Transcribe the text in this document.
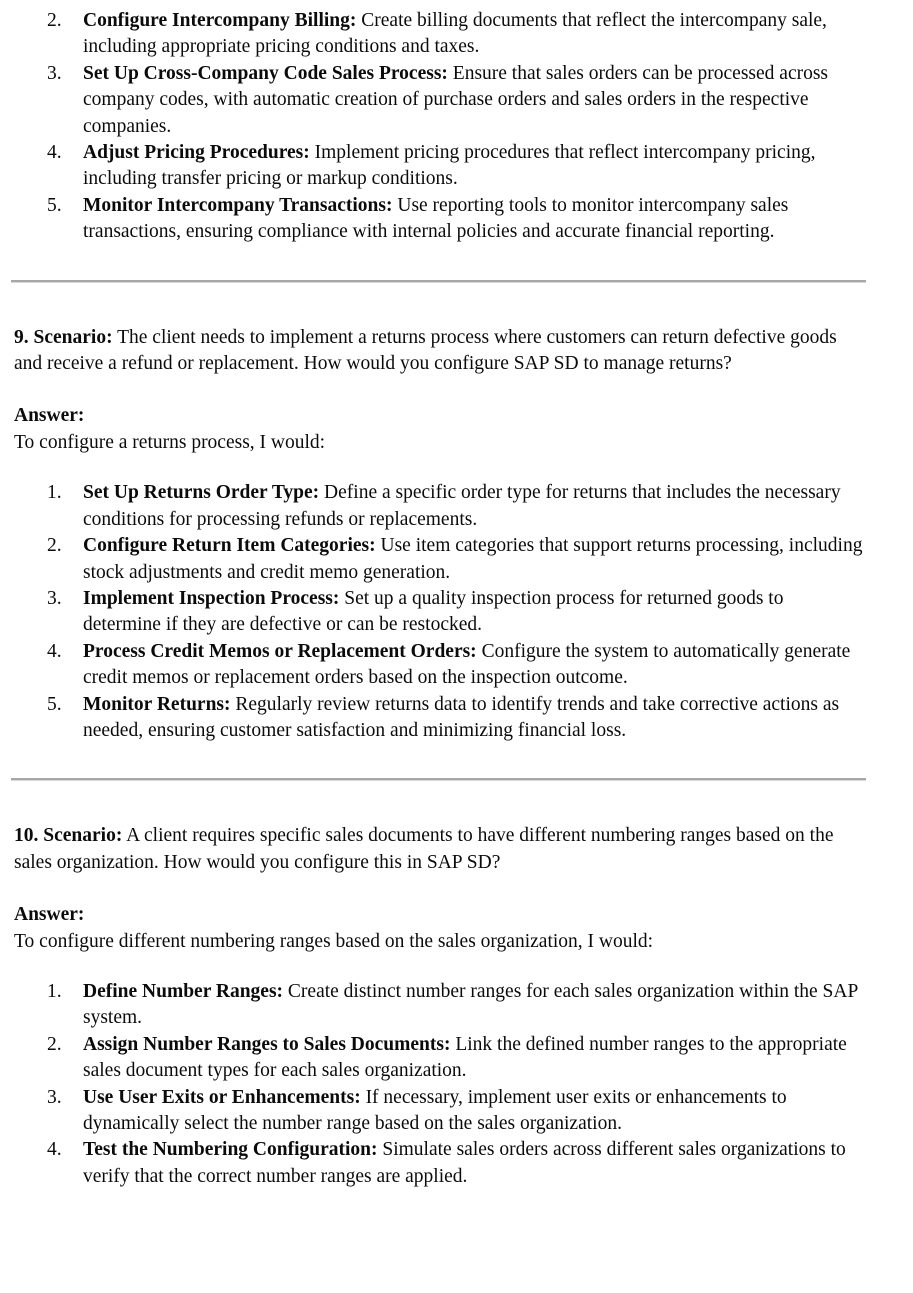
2.	Configure Intercompany Billing: Create billing documents that reflect the intercompany sale, including appropriate pricing conditions and taxes.
3.	Set Up Cross-Company Code Sales Process: Ensure that sales orders can be processed across company codes, with automatic creation of purchase orders and sales orders in the respective companies.
4.	Adjust Pricing Procedures: Implement pricing procedures that reflect intercompany pricing, including transfer pricing or markup conditions.
5.	Monitor Intercompany Transactions: Use reporting tools to monitor intercompany sales transactions, ensuring compliance with internal policies and accurate financial reporting.

9. Scenario: The client needs to implement a returns process where customers can return defective goods and receive a refund or replacement. How would you configure SAP SD to manage returns?

Answer:

To configure a returns process, I would:

1.	Set Up Returns Order Type: Define a specific order type for returns that includes the necessary conditions for processing refunds or replacements.
2.	Configure Return Item Categories: Use item categories that support returns processing, including stock adjustments and credit memo generation.
3.	Implement Inspection Process: Set up a quality inspection process for returned goods to determine if they are defective or can be restocked.
4.	Process Credit Memos or Replacement Orders: Configure the system to automatically generate credit memos or replacement orders based on the inspection outcome.
5.	Monitor Returns: Regularly review returns data to identify trends and take corrective actions as needed, ensuring customer satisfaction and minimizing financial loss.

10. Scenario: A client requires specific sales documents to have different numbering ranges based on the sales organization. How would you configure this in SAP SD?

Answer:

To configure different numbering ranges based on the sales organization, I would:

1.	Define Number Ranges: Create distinct number ranges for each sales organization within the SAP system.
2.	Assign Number Ranges to Sales Documents: Link the defined number ranges to the appropriate sales document types for each sales organization.
3.	Use User Exits or Enhancements: If necessary, implement user exits or enhancements to dynamically select the number range based on the sales organization.
4.	Test the Numbering Configuration: Simulate sales orders across different sales organizations to verify that the correct number ranges are applied.
